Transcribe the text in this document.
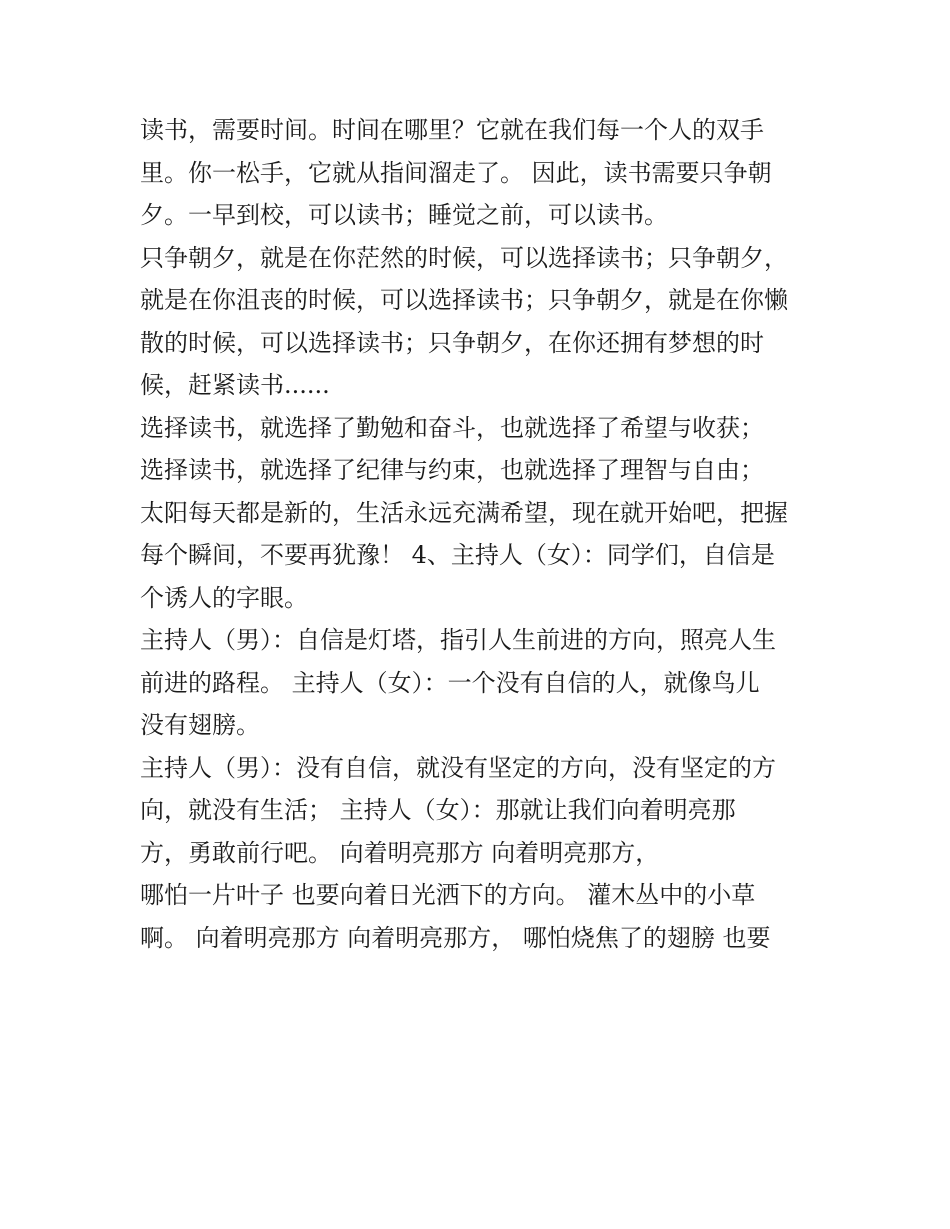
读书，需要时间。时间在哪里？它就在我们每一个人的双手
里。你一松手，它就从指间溜走了。 因此，读书需要只争朝
夕。一早到校，可以读书；睡觉之前，可以读书。
只争朝夕，就是在你茫然的时候，可以选择读书；只争朝夕，
就是在你沮丧的时候，可以选择读书；只争朝夕，就是在你懒
散的时候，可以选择读书；只争朝夕，在你还拥有梦想的时
候，赶紧读书......
选择读书，就选择了勤勉和奋斗，也就选择了希望与收获；
选择读书，就选择了纪律与约束，也就选择了理智与自由；
太阳每天都是新的，生活永远充满希望，现在就开始吧，把握
每个瞬间，不要再犹豫！ 4、主持人（女）：同学们，自信是
个诱人的字眼。
主持人（男）：自信是灯塔，指引人生前进的方向，照亮人生
前进的路程。 主持人（女）：一个没有自信的人，就像鸟儿
没有翅膀。
主持人（男）：没有自信，就没有坚定的方向，没有坚定的方
向，就没有生活； 主持人（女）：那就让我们向着明亮那
方，勇敢前行吧。 向着明亮那方 向着明亮那方，
哪怕一片叶子 也要向着日光洒下的方向。 灌木丛中的小草
啊。 向着明亮那方 向着明亮那方， 哪怕烧焦了的翅膀 也要
